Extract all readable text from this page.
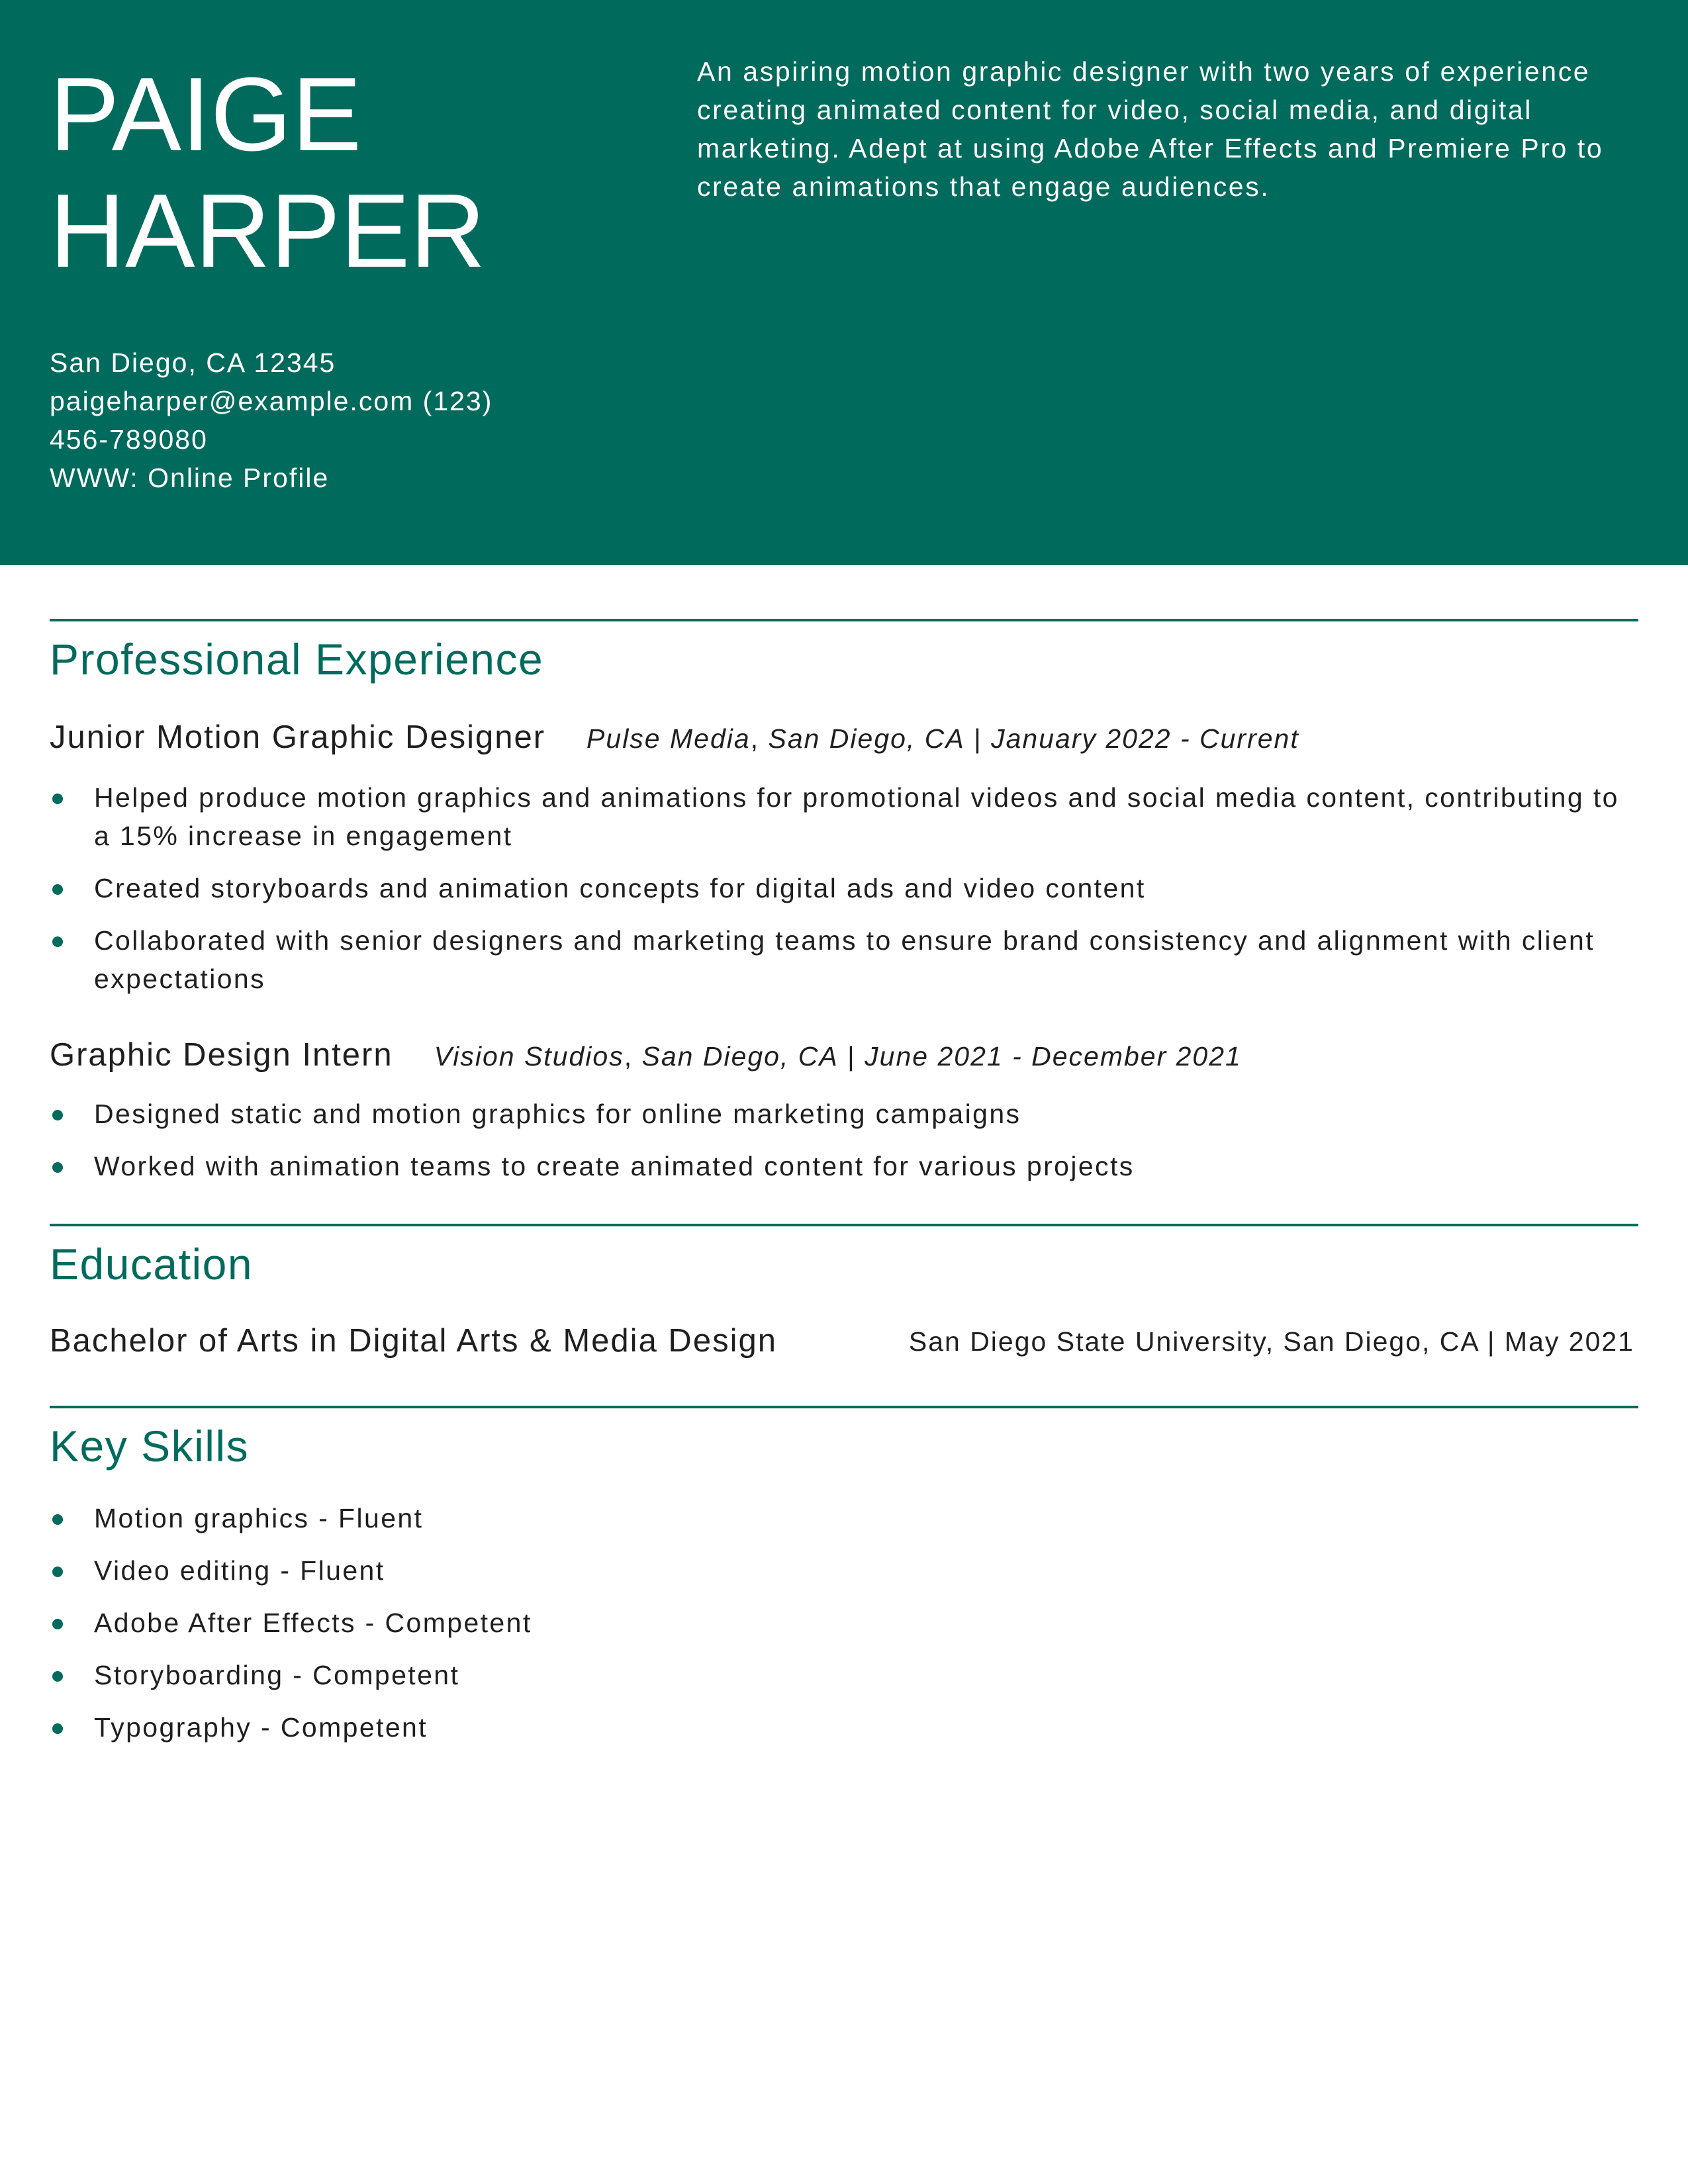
PAIGE
HARPER
San Diego, CA 12345
paigeharper@example.com (123)
456-789080
WWW: Online Profile
An aspiring motion graphic designer with two years of experience creating animated content for video, social media, and digital marketing. Adept at using Adobe After Effects and Premiere Pro to create animations that engage audiences.
Professional Experience
Junior Motion Graphic Designer Pulse Media, San Diego, CA | January 2022 - Current
Helped produce motion graphics and animations for promotional videos and social media content, contributing to a 15% increase in engagement
Created storyboards and animation concepts for digital ads and video content
Collaborated with senior designers and marketing teams to ensure brand consistency and alignment with client expectations
Graphic Design Intern Vision Studios, San Diego, CA | June 2021 - December 2021
Designed static and motion graphics for online marketing campaigns
Worked with animation teams to create animated content for various projects
Education
Bachelor of Arts in Digital Arts & Media Design	San Diego State University, San Diego, CA | May 2021
Key Skills
Motion graphics - Fluent
Video editing - Fluent
Adobe After Effects - Competent
Storyboarding - Competent
Typography - Competent
